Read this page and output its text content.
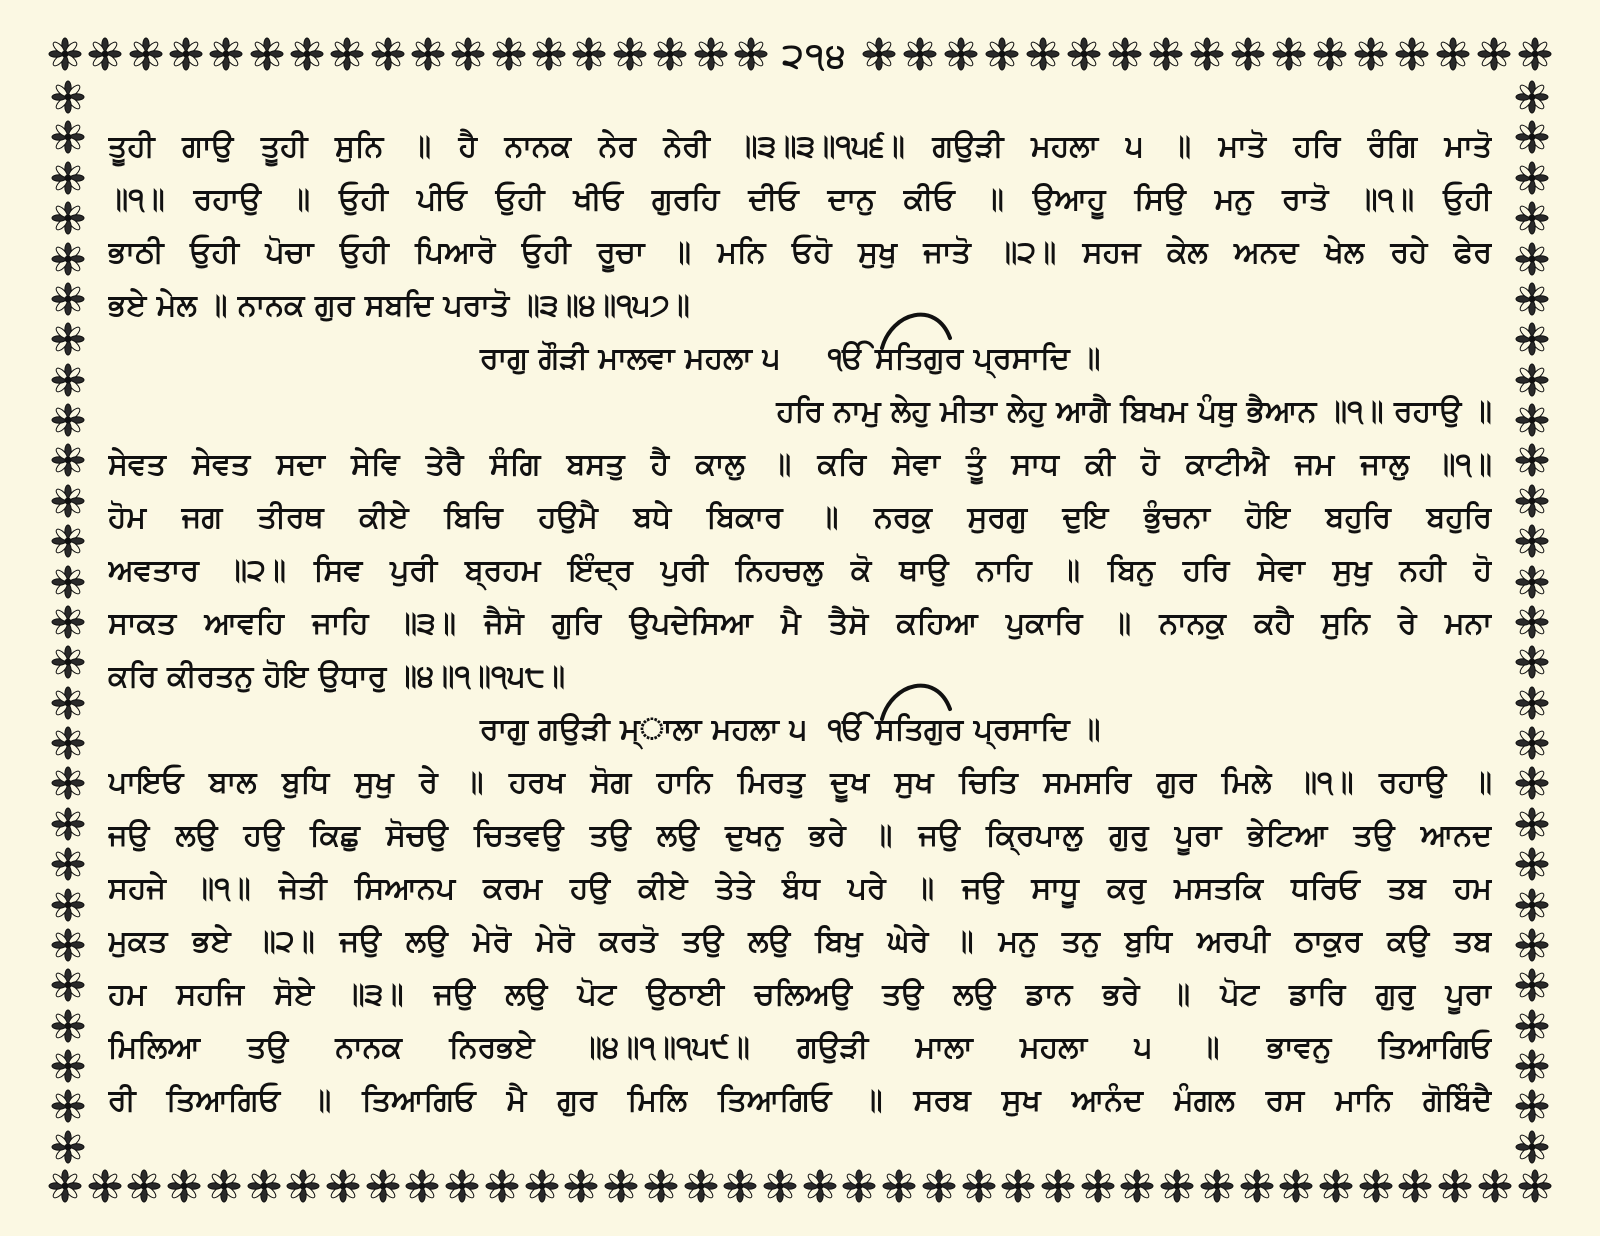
੨੧੪
ਤੂਹੀ ਗਾਉ ਤੂਹੀ ਸੁਨਿ ॥ ਹੈ ਨਾਨਕ ਨੇਰ ਨੇਰੀ ॥੩॥੩॥੧੫੬॥ ਗਉੜੀ ਮਹਲਾ ੫ ॥ ਮਾਤੋ ਹਰਿ ਰੰਗਿ ਮਾਤੋ
॥੧॥ ਰਹਾਉ ॥ ਓੁਹੀ ਪੀਓ ਓੁਹੀ ਖੀਓ ਗੁਰਹਿ ਦੀਓ ਦਾਨੁ ਕੀਓ ॥ ਉਆਹੂ ਸਿਉ ਮਨੁ ਰਾਤੋ ॥੧॥ ਓੁਹੀ
ਭਾਠੀ ਓੁਹੀ ਪੋਚਾ ਓੁਹੀ ਪਿਆਰੋ ਓੁਹੀ ਰੂਚਾ ॥ ਮਨਿ ਓਹੋ ਸੁਖੁ ਜਾਤੋ ॥੨॥ ਸਹਜ ਕੇਲ ਅਨਦ ਖੇਲ ਰਹੇ ਫੇਰ
ਭਏ ਮੇਲ ॥ ਨਾਨਕ ਗੁਰ ਸਬਦਿ ਪਰਾਤੋ ॥੩॥੪॥੧੫੭॥
ਰਾਗੁ ਗੌੜੀ ਮਾਲਵਾ ਮਹਲਾ ੫ ੴ ਸਤਿਗੁਰ ਪ੍ਰਸਾਦਿ ॥
ਹਰਿ ਨਾਮੁ ਲੇਹੁ ਮੀਤਾ ਲੇਹੁ ਆਗੈ ਬਿਖਮ ਪੰਥੁ ਭੈਆਨ ॥੧॥ ਰਹਾਉ ॥
ਸੇਵਤ ਸੇਵਤ ਸਦਾ ਸੇਵਿ ਤੇਰੈ ਸੰਗਿ ਬਸਤੁ ਹੈ ਕਾਲੁ ॥ ਕਰਿ ਸੇਵਾ ਤੂੰ ਸਾਧ ਕੀ ਹੋ ਕਾਟੀਐ ਜਮ ਜਾਲੁ ॥੧॥
ਹੋਮ ਜਗ ਤੀਰਥ ਕੀਏ ਬਿਚਿ ਹਉਮੈ ਬਧੇ ਬਿਕਾਰ ॥ ਨਰਕੁ ਸੁਰਗੁ ਦੁਇ ਭੁੰਚਨਾ ਹੋਇ ਬਹੁਰਿ ਬਹੁਰਿ
ਅਵਤਾਰ ॥੨॥ ਸਿਵ ਪੁਰੀ ਬ੍ਰਹਮ ਇੰਦ੍ਰ ਪੁਰੀ ਨਿਹਚਲੁ ਕੋ ਥਾਉ ਨਾਹਿ ॥ ਬਿਨੁ ਹਰਿ ਸੇਵਾ ਸੁਖੁ ਨਹੀ ਹੋ
ਸਾਕਤ ਆਵਹਿ ਜਾਹਿ ॥੩॥ ਜੈਸੋ ਗੁਰਿ ਉਪਦੇਸਿਆ ਮੈ ਤੈਸੋ ਕਹਿਆ ਪੁਕਾਰਿ ॥ ਨਾਨਕੁ ਕਹੈ ਸੁਨਿ ਰੇ ਮਨਾ
ਕਰਿ ਕੀਰਤਨੁ ਹੋਇ ਉਧਾਰੁ ॥੪॥੧॥੧੫੮॥
ਰਾਗੁ ਗਉੜੀ ਮ੍ਾਲਾ ਮਹਲਾ ੫ ੴ ਸਤਿਗੁਰ ਪ੍ਰਸਾਦਿ ॥
ਪਾਇਓ ਬਾਲ ਬੁਧਿ ਸੁਖੁ ਰੇ ॥ ਹਰਖ ਸੋਗ ਹਾਨਿ ਮਿਰਤੁ ਦੂਖ ਸੁਖ ਚਿਤਿ ਸਮਸਰਿ ਗੁਰ ਮਿਲੇ ॥੧॥ ਰਹਾਉ ॥
ਜਉ ਲਉ ਹਉ ਕਿਛੁ ਸੋਚਉ ਚਿਤਵਉ ਤਉ ਲਉ ਦੁਖਨੁ ਭਰੇ ॥ ਜਉ ਕ੍ਰਿਪਾਲੁ ਗੁਰੁ ਪੂਰਾ ਭੇਟਿਆ ਤਉ ਆਨਦ
ਸਹਜੇ ॥੧॥ ਜੇਤੀ ਸਿਆਨਪ ਕਰਮ ਹਉ ਕੀਏ ਤੇਤੇ ਬੰਧ ਪਰੇ ॥ ਜਉ ਸਾਧੂ ਕਰੁ ਮਸਤਕਿ ਧਰਿਓ ਤਬ ਹਮ
ਮੁਕਤ ਭਏ ॥੨॥ ਜਉ ਲਉ ਮੇਰੋ ਮੇਰੋ ਕਰਤੋ ਤਉ ਲਉ ਬਿਖੁ ਘੇਰੇ ॥ ਮਨੁ ਤਨੁ ਬੁਧਿ ਅਰਪੀ ਠਾਕੁਰ ਕਉ ਤਬ
ਹਮ ਸਹਜਿ ਸੋਏ ॥੩॥ ਜਉ ਲਉ ਪੋਟ ਉਠਾਈ ਚਲਿਅਉ ਤਉ ਲਉ ਡਾਨ ਭਰੇ ॥ ਪੋਟ ਡਾਰਿ ਗੁਰੁ ਪੂਰਾ
ਮਿਲਿਆ ਤਉ ਨਾਨਕ ਨਿਰਭਏ ॥੪॥੧॥੧੫੯॥ ਗਉੜੀ ਮਾਲਾ ਮਹਲਾ ੫ ॥ ਭਾਵਨੁ ਤਿਆਗਿਓ
ਰੀ ਤਿਆਗਿਓ ॥ ਤਿਆਗਿਓ ਮੈ ਗੁਰ ਮਿਲਿ ਤਿਆਗਿਓ ॥ ਸਰਬ ਸੁਖ ਆਨੰਦ ਮੰਗਲ ਰਸ ਮਾਨਿ ਗੋਬਿੰਦੈ
